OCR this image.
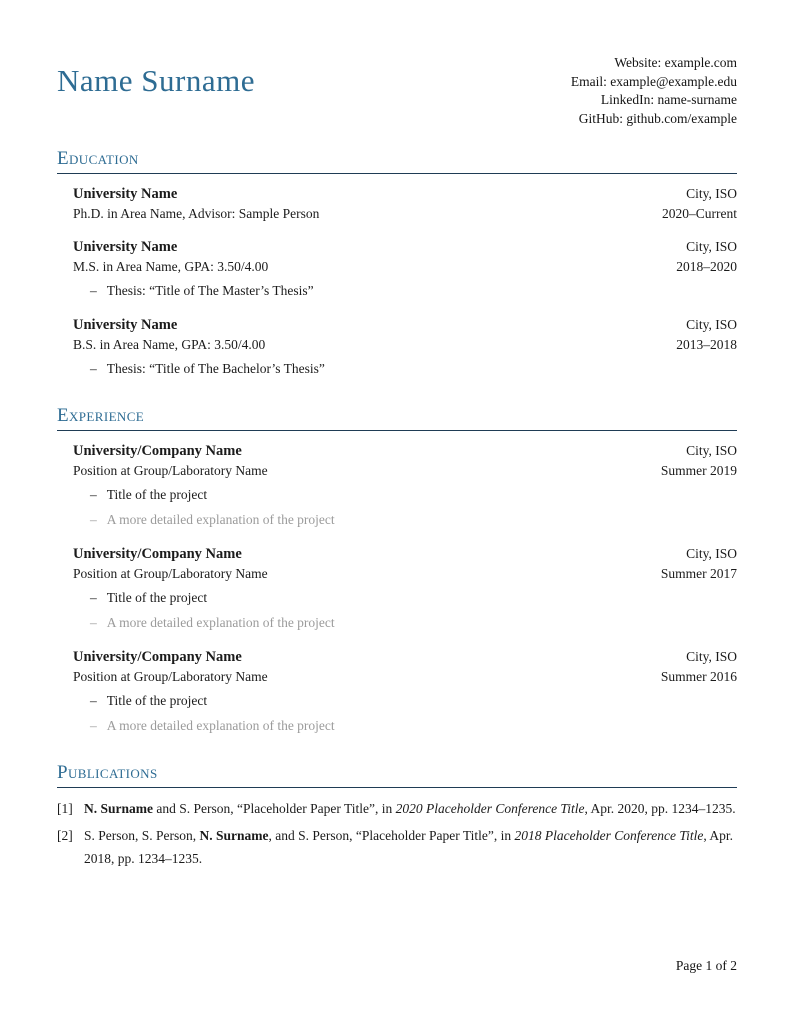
Name Surname
Website: example.com
Email: example@example.edu
LinkedIn: name-surname
GitHub: github.com/example
Education
University Name	City, ISO
Ph.D. in Area Name, Advisor: Sample Person	2020–Current
University Name	City, ISO
M.S. in Area Name, GPA: 3.50/4.00	2018–2020
– Thesis: “Title of The Master’s Thesis”
University Name	City, ISO
B.S. in Area Name, GPA: 3.50/4.00	2013–2018
– Thesis: “Title of The Bachelor’s Thesis”
Experience
University/Company Name	City, ISO
Position at Group/Laboratory Name	Summer 2019
– Title of the project
– A more detailed explanation of the project
University/Company Name	City, ISO
Position at Group/Laboratory Name	Summer 2017
– Title of the project
– A more detailed explanation of the project
University/Company Name	City, ISO
Position at Group/Laboratory Name	Summer 2016
– Title of the project
– A more detailed explanation of the project
Publications
[1] N. Surname and S. Person, “Placeholder Paper Title”, in 2020 Placeholder Conference Title, Apr. 2020, pp. 1234–1235.

[2] S. Person, S. Person, N. Surname, and S. Person, “Placeholder Paper Title”, in 2018 Placeholder Conference Title, Apr. 2018, pp. 1234–1235.

Page 1 of 2
